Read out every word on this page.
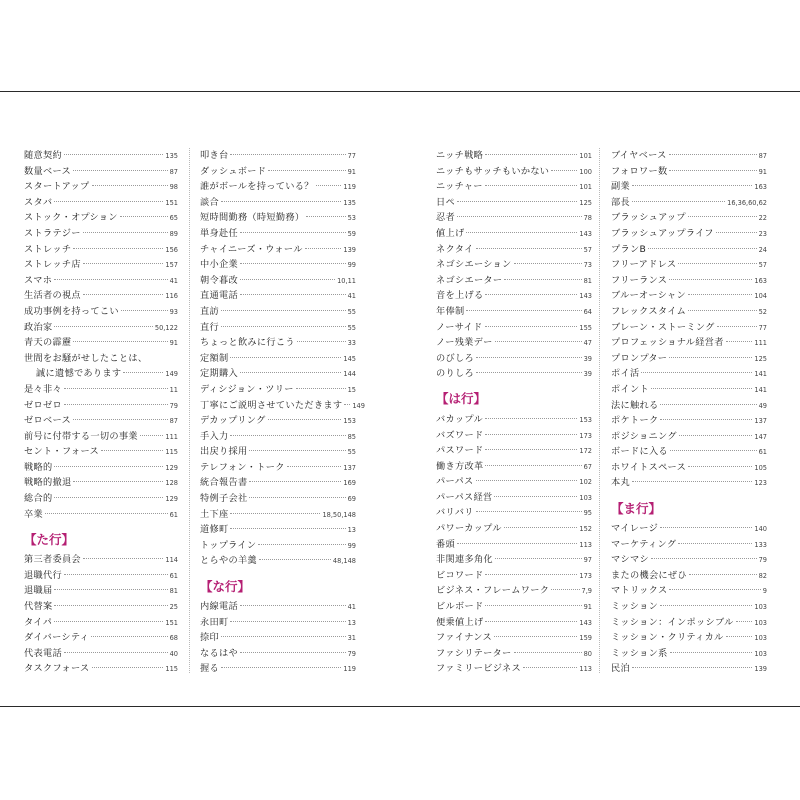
随意契約	135
数量ベース	87
スタートアップ	98
スタバ	151
ストック・オプション	65
ストラテジー	89
ストレッチ	156
ストレッチ店	157
スマホ	41
生活者の視点	116
成功事例を持ってこい	93
政治家	50,122
青天の霹靂	91
世間をお騒がせしたことは、
誠に遺憾であります	149
是々非々	11
ゼロゼロ	79
ゼロベース	87
前号に付帯する一切の事業	111
セント・フォース	115
戦略的	129
戦略的撤退	128
総合的	129
卒業	61
【 た行 】
第三者委員会	114
退職代行	61
退職届	81
代替案	25
タイパ	151
ダイバーシティ	68
代表電話	40
タスクフォース	115
叩き台	77
ダッシュボード	91
誰がボールを持っている？	119
談合	135
短時間勤務（時短勤務）	53
単身赴任	59
チャイニーズ・ウォール	139
中小企業	99
朝令暮改	10,11
直通電話	41
直訪	55
直行	55
ちょっと飲みに行こう	33
定額制	145
定期購入	144
ディシジョン・ツリー	15
丁寧にご説明させていただきます 149
デカップリング	153
手入力	85
出戻り採用	55
テレフォン・トーク	137
統合報告書	169
特例子会社	69
土下座	18,50,148
道修町	13
トップライン	99
とらやの羊羹	48,148
【 な行 】
内線電話	41
永田町	13
捺印	31
なるはや	79
握る	119
ニッチ戦略	101
ニッチもサッチもいかない	100
ニッチャー	101
日ペ	125
忍者	78
値上げ	143
ネクタイ	57
ネゴシエーション	73
ネゴシエーター	81
音を上げる	143
年俸制	64
ノーサイド	155
ノー残業デー	47
のびしろ	39
のりしろ	39
【 は行 】
バカップル	153
バズワード	173
パスワード	172
働き方改革	67
パーパス	102
パーパス経営	103
バリバリ	95
パワーカップル	152
番頭	113
非関連多角化	97
ビコワード	173
ビジネス・フレームワーク	7,9
ビルボード	91
便乗値上げ	143
ファイナンス	159
ファシリテーター	80
ファミリービジネス	113
ブイヤベース	87
フォロワー数	91
副業	163
部長	16,36,60,62
ブラッシュアップ	22
ブラッシュアップライフ	23
プランB	24
フリーアドレス	57
フリーランス	163
ブルーオーシャン	104
フレックスタイム	52
ブレーン・ストーミング	77
プロフェッショナル経営者	111
プロンプター	125
ポイ活	141
ポイント	141
法に触れる	49
ポケトーク	137
ポジショニング	147
ボードに入る	61
ホワイトスペース	105
本丸	123
【 ま行 】
マイレージ	140
マーケティング	133
マシマシ	79
またの機会にぜひ	82
マトリックス	9
ミッション	103
ミッション：インポッシブル	103
ミッション・クリティカル	103
ミッション系	103
民泊	139
